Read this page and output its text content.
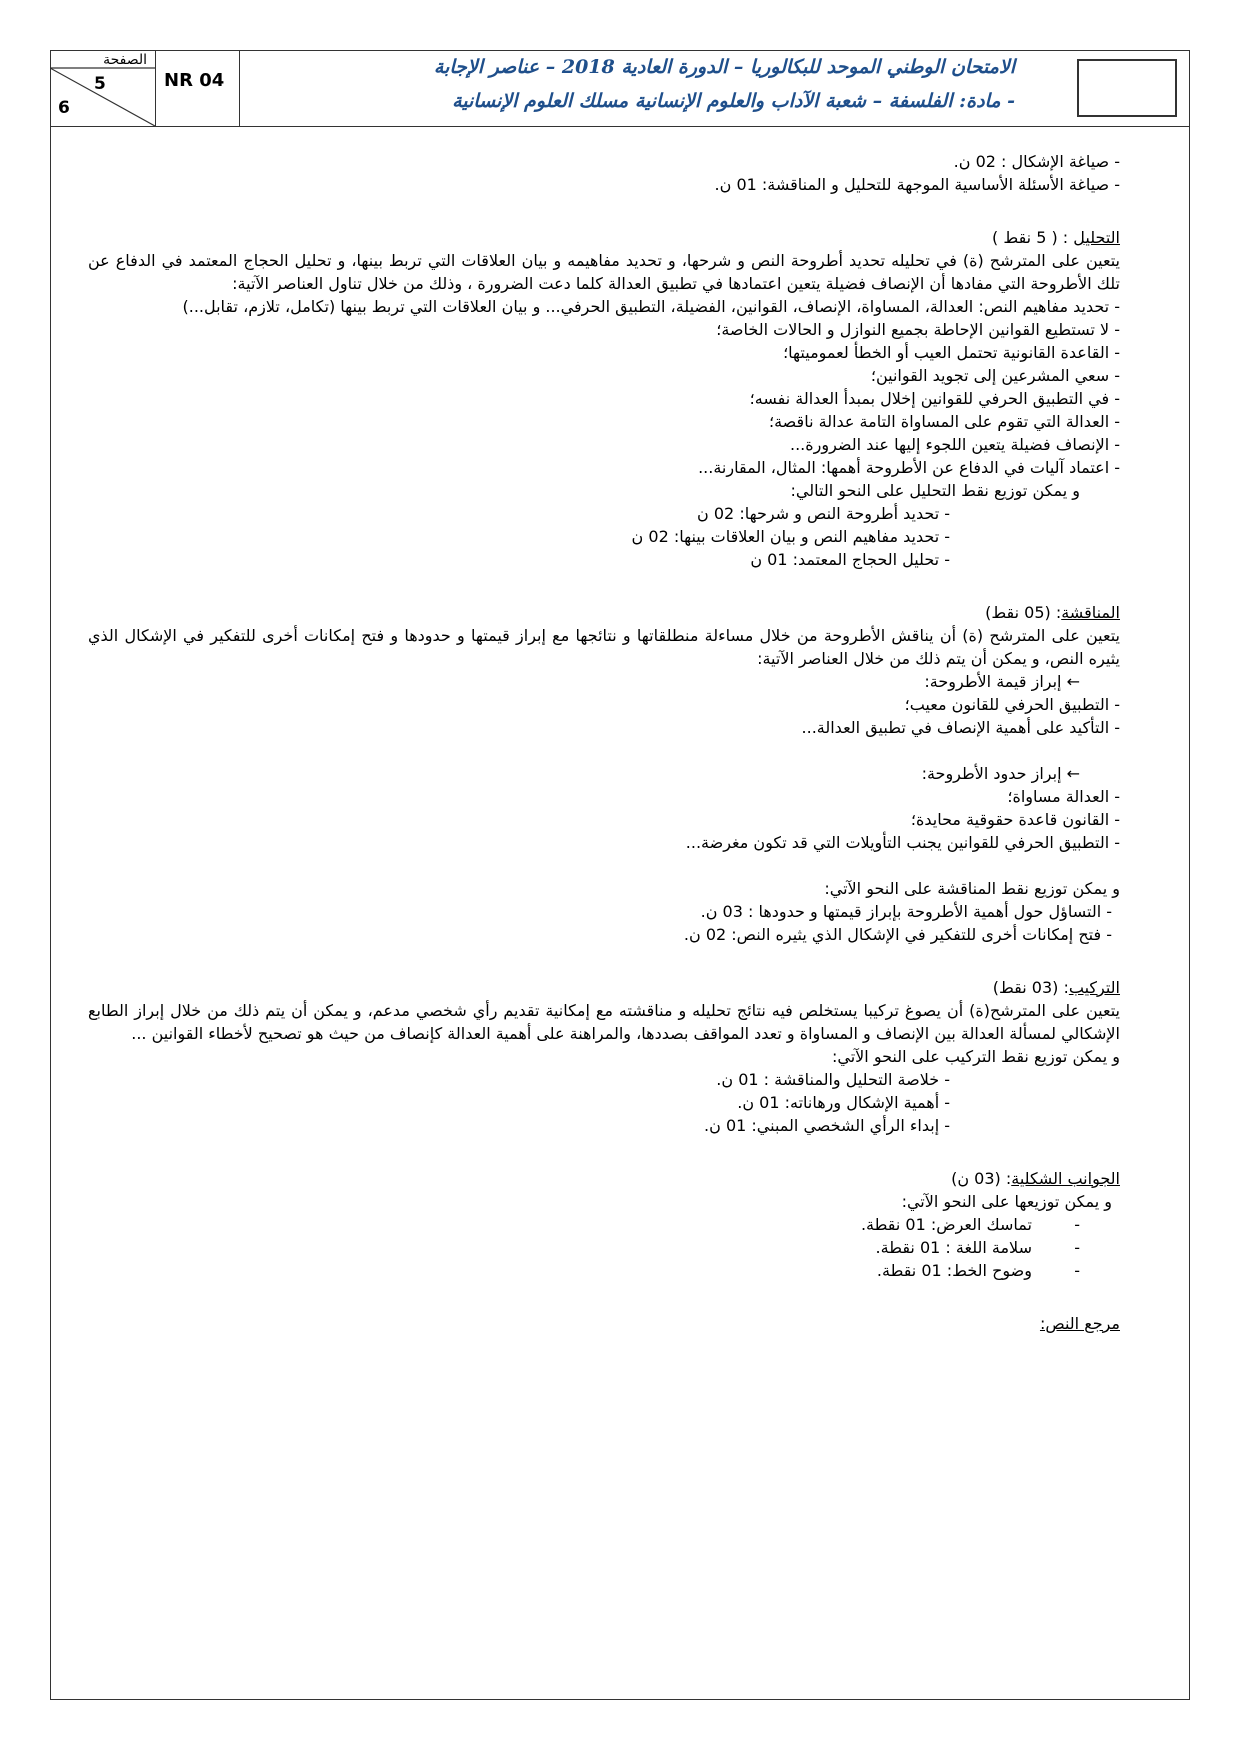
الصفحة
5
6
NR 04
الامتحان الوطني الموحد للبكالوريا – الدورة العادية 2018 – عناصر الإجابة
- مادة: الفلسفة – شعبة الآداب والعلوم الإنسانية مسلك العلوم الإنسانية
- صياغة الإشكال : 02 ن.
- صياغة الأسئلة الأساسية الموجهة للتحليل و المناقشة: 01 ن.
التحليل : ( 5 نقط )
يتعين على المترشح (ة) في تحليله تحديد أطروحة النص و شرحها، و تحديد مفاهيمه و بيان العلاقات التي تربط بينها، و تحليل الحجاج المعتمد في الدفاع عن تلك الأطروحة التي مفادها أن الإنصاف فضيلة يتعين اعتمادها في تطبيق العدالة كلما دعت الضرورة ، وذلك من خلال تناول العناصر الآتية:
- تحديد مفاهيم النص: العدالة، المساواة، الإنصاف، القوانين، الفضيلة، التطبيق الحرفي... و بيان العلاقات التي تربط بينها (تكامل، تلازم، تقابل...)
- لا تستطيع القوانين الإحاطة بجميع النوازل و الحالات الخاصة؛
- القاعدة القانونية تحتمل العيب أو الخطأ لعموميتها؛
- سعي المشرعين إلى تجويد القوانين؛
- في التطبيق الحرفي للقوانين إخلال بمبدأ العدالة نفسه؛
- العدالة التي تقوم على المساواة التامة عدالة ناقصة؛
- الإنصاف فضيلة يتعين اللجوء إليها عند الضرورة...
- اعتماد آليات في الدفاع عن الأطروحة أهمها: المثال، المقارنة...
و يمكن توزيع نقط التحليل على النحو التالي:
- تحديد أطروحة النص و شرحها: 02 ن
- تحديد مفاهيم النص و بيان العلاقات بينها: 02 ن
- تحليل الحجاج المعتمد: 01 ن
المناقشة: (05 نقط)
يتعين على المترشح (ة) أن يناقش الأطروحة من خلال مساءلة منطلقاتها و نتائجها مع إبراز قيمتها و حدودها و فتح إمكانات أخرى للتفكير في الإشكال الذي يثيره النص، و يمكن أن يتم ذلك من خلال العناصر الآتية:
← إبراز قيمة الأطروحة:
- التطبيق الحرفي للقانون معيب؛
- التأكيد على أهمية الإنصاف في تطبيق العدالة...
← إبراز حدود الأطروحة:
- العدالة مساواة؛
- القانون قاعدة حقوقية محايدة؛
- التطبيق الحرفي للقوانين يجنب التأويلات التي قد تكون مغرضة...
و يمكن توزيع نقط المناقشة على النحو الآتي:
- التساؤل حول أهمية الأطروحة بإبراز قيمتها و حدودها : 03 ن.
- فتح إمكانات أخرى للتفكير في الإشكال الذي يثيره النص: 02 ن.
التركيب: (03 نقط)
يتعين على المترشح(ة) أن يصوغ تركيبا يستخلص فيه نتائج تحليله و مناقشته مع إمكانية تقديم رأي شخصي مدعم، و يمكن أن يتم ذلك من خلال إبراز الطابع الإشكالي لمسألة العدالة بين الإنصاف و المساواة و تعدد المواقف بصددها، والمراهنة على أهمية العدالة كإنصاف من حيث هو تصحيح لأخطاء القوانين ...
و يمكن توزيع نقط التركيب على النحو الآتي:
- خلاصة التحليل والمناقشة : 01 ن.
- أهمية الإشكال ورهاناته: 01 ن.
- إبداء الرأي الشخصي المبني: 01 ن.
الجوانب الشكلية: (03 ن)
و يمكن توزيعها على النحو الآتي:
-تماسك العرض: 01 نقطة.
-سلامة اللغة : 01 نقطة.
-وضوح الخط: 01 نقطة.
مرجع النص:
